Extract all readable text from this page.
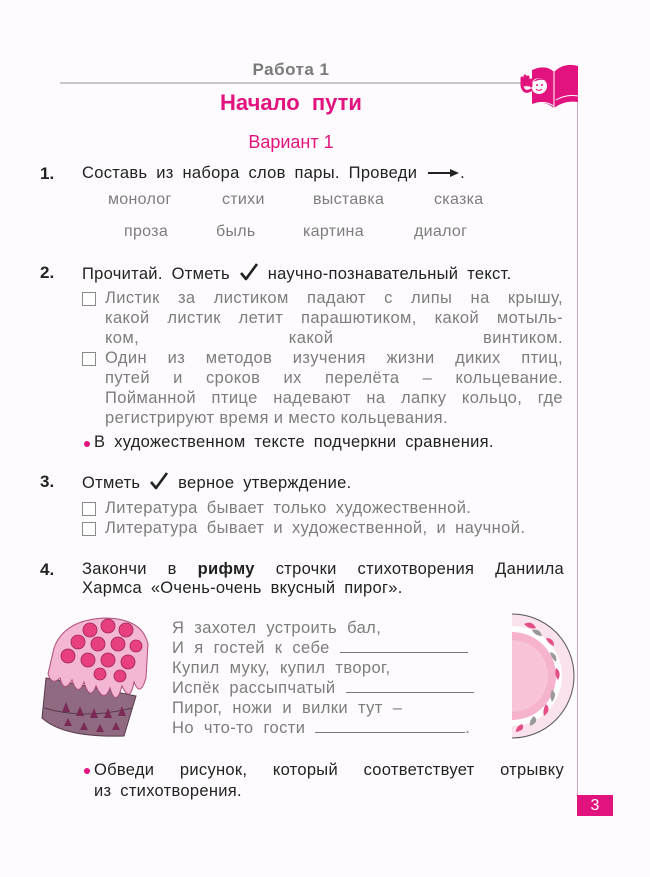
Работа 1
Начало пути
Вариант 1
1. Составь из набора слов пары. Проведи	.
монолог	стихи	выставка	сказка
проза	быль	картина	диалог
2. Прочитай. Отметь научно-познавательный текст.
Листик за листиком падают с липы на крышу,
какой листик летит парашютиком, какой мотыль-
ком, какой винтиком.
Один из методов изучения жизни диких птиц,
путей и сроков их перелёта – кольцевание.
Пойманной птице надевают на лапку кольцо, где
регистрируют время и место кольцевания.
В художественном тексте подчеркни сравнения.
3. Отметь верное утверждение.
Литература бывает только художественной.
Литература бывает и художественной, и научной.
4. Закончи в рифму строчки стихотворения Даниила
Хармса «Очень-очень вкусный пирог».
Я захотел устроить бал,
И я гостей к себе
Купил муку, купил творог,
Испёк рассыпчатый
Пирог, ножи и вилки тут –
Но что-то гости	.
Обведи рисунок, который соответствует отрывку
из стихотворения.
3
